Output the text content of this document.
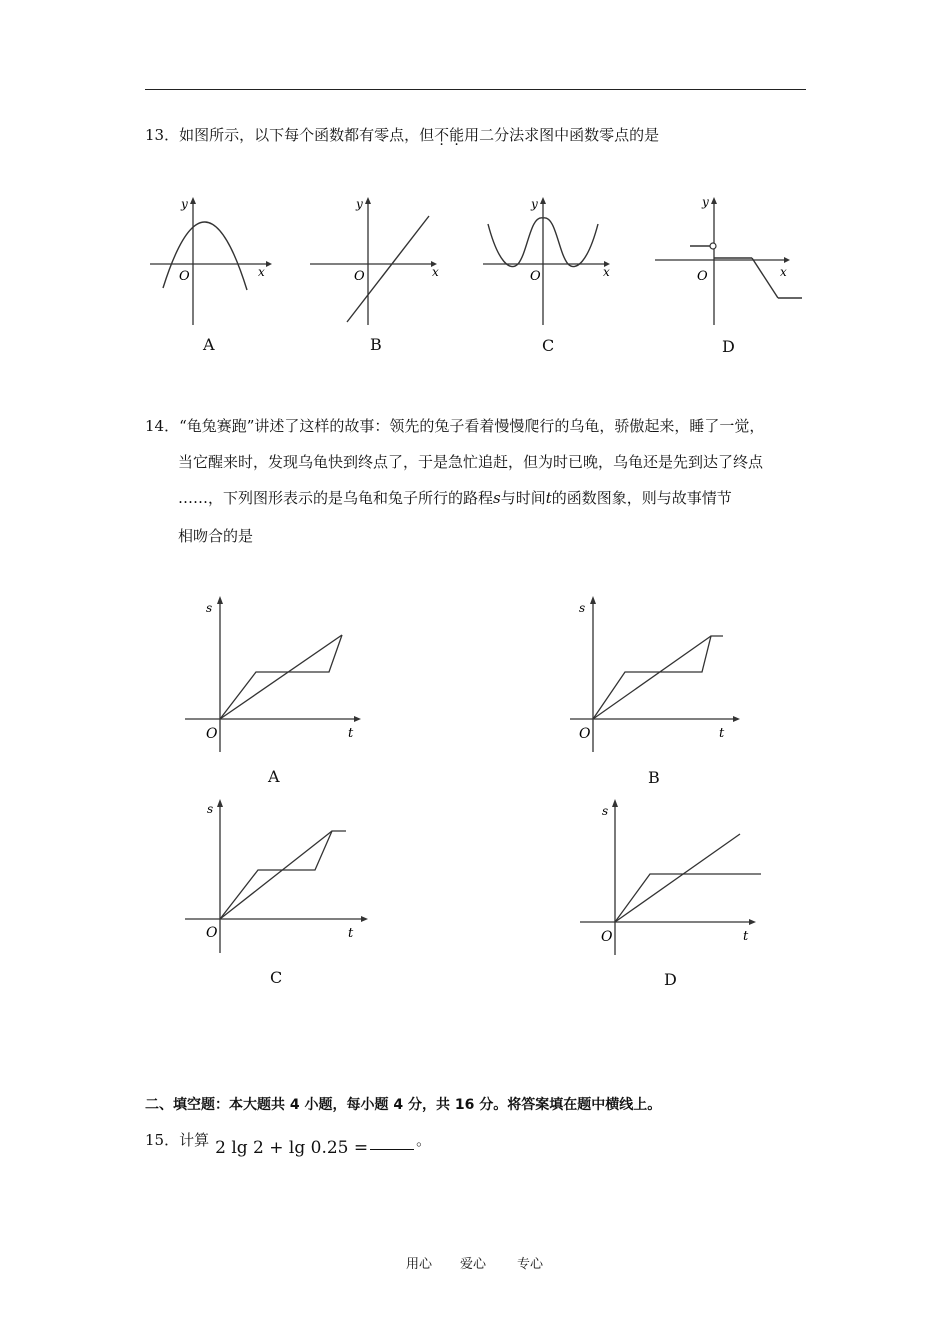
13．如图所示，以下每个函数都有零点，但不能用二分法求图中函数零点的是
O
y
x
A
O
y
x
B
O
y
x
C
O
y
x
D
14．“龟兔赛跑”讲述了这样的故事：领先的兔子看着慢慢爬行的乌龟，骄傲起来，睡了一觉，
当它醒来时，发现乌龟快到终点了，于是急忙追赶，但为时已晚，乌龟还是先到达了终点
……，下列图形表示的是乌龟和兔子所行的路程s与时间t的函数图象，则与故事情节
相吻合的是
O
s
t
A
O
s
t
B
O
s
t
C
O
s
t
D
二、填空题：本大题共 4 小题，每小题 4 分，共 16 分。将答案填在题中横线上。
15．计算 2 lg 2 + lg 0.25 =	。
用心 爱心 专心
